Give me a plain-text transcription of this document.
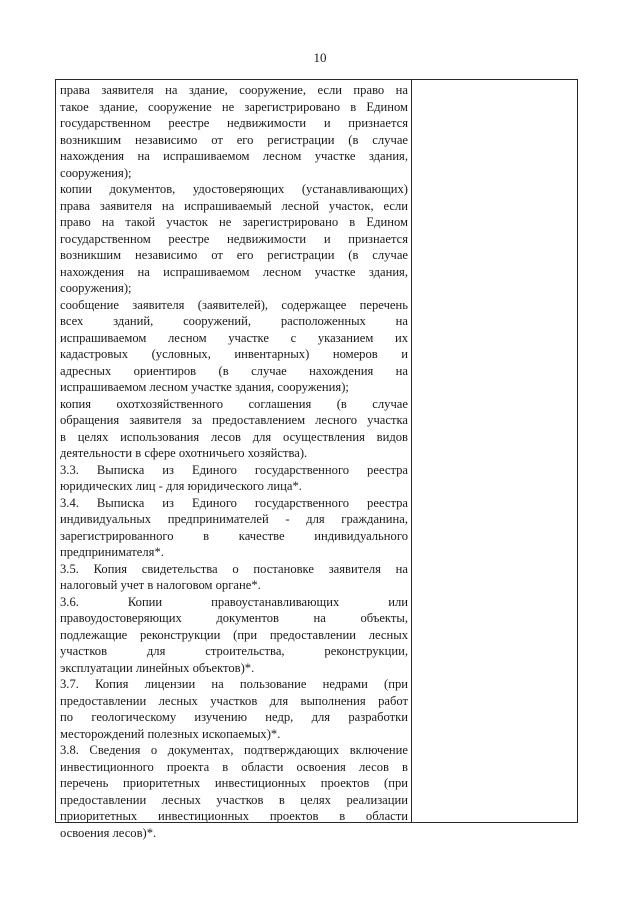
10
права заявителя на здание, сооружение, если право на
такое здание, сооружение не зарегистрировано в Едином
государственном реестре недвижимости и признается
возникшим независимо от его регистрации (в случае
нахождения на испрашиваемом лесном участке здания,
сооружения);
копии документов, удостоверяющих (устанавливающих)
права заявителя на испрашиваемый лесной участок, если
право на такой участок не зарегистрировано в Едином
государственном реестре недвижимости и признается
возникшим независимо от его регистрации (в случае
нахождения на испрашиваемом лесном участке здания,
сооружения);
сообщение заявителя (заявителей), содержащее перечень
всех зданий, сооружений, расположенных на
испрашиваемом лесном участке с указанием их
кадастровых (условных, инвентарных) номеров и
адресных ориентиров (в случае нахождения на
испрашиваемом лесном участке здания, сооружения);
копия охотхозяйственного соглашения (в случае
обращения заявителя за предоставлением лесного участка
в целях использования лесов для осуществления видов
деятельности в сфере охотничьего хозяйства).
3.3. Выписка из Единого государственного реестра
юридических лиц - для юридического лица*.
3.4. Выписка из Единого государственного реестра
индивидуальных предпринимателей - для гражданина,
зарегистрированного в качестве индивидуального
предпринимателя*.
3.5. Копия свидетельства о постановке заявителя на
налоговый учет в налоговом органе*.
3.6. Копии правоустанавливающих или
правоудостоверяющих документов на объекты,
подлежащие реконструкции (при предоставлении лесных
участков для строительства, реконструкции,
эксплуатации линейных объектов)*.
3.7. Копия лицензии на пользование недрами (при
предоставлении лесных участков для выполнения работ
по геологическому изучению недр, для разработки
месторождений полезных ископаемых)*.
3.8. Сведения о документах, подтверждающих включение
инвестиционного проекта в области освоения лесов в
перечень приоритетных инвестиционных проектов (при
предоставлении лесных участков в целях реализации
приоритетных инвестиционных проектов в области
освоения лесов)*.
